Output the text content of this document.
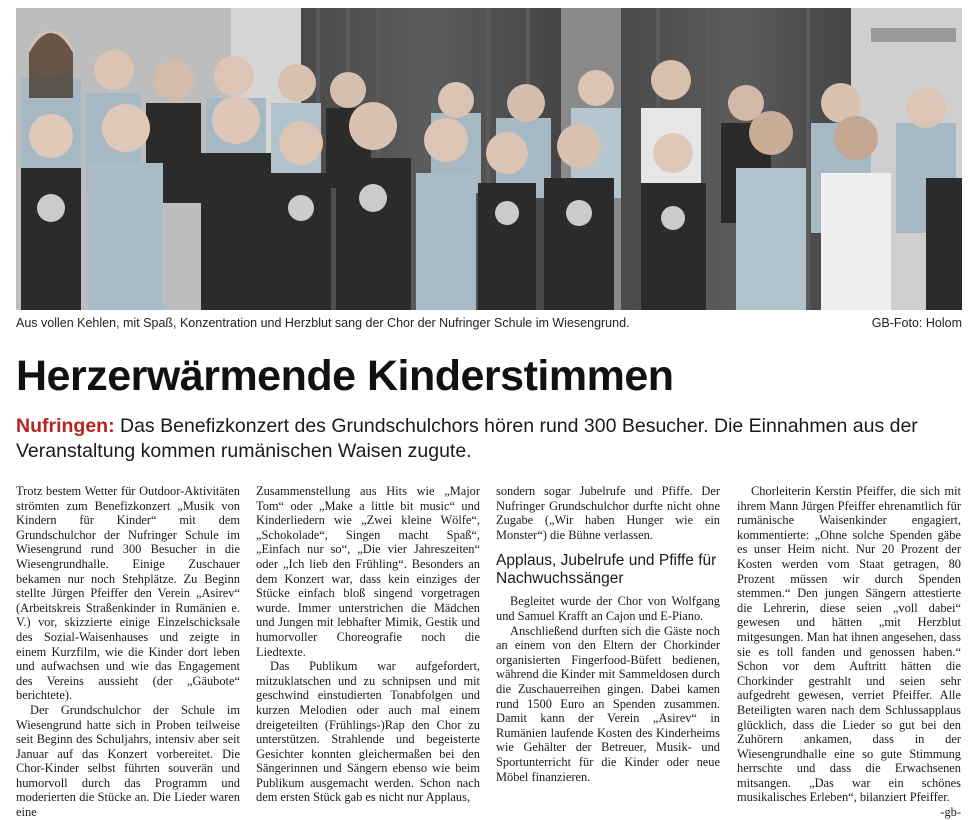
Aus vollen Kehlen, mit Spaß, Konzentration und Herzblut sang der Chor der Nufringer Schule im Wiesengrund.	GB-Foto: Holom
Herzerwärmende Kinderstimmen
Nufringen: Das Benefizkonzert des Grundschulchors hören rund 300 Besucher. Die Einnahmen aus der Veranstaltung kommen rumänischen Waisen zugute.

Trotz bestem Wetter für Outdoor-Aktivitäten strömten zum Benefizkonzert „Musik von Kindern für Kinder“ mit dem Grundschulchor der Nufringer Schule im Wiesengrund rund 300 Besucher in die Wiesengrundhalle. Einige Zuschauer bekamen nur noch Stehplätze. Zu Beginn stellte Jürgen Pfeiffer den Verein „Asirev“ (Arbeitskreis Straßenkinder in Rumänien e. V.) vor, skizzierte einige Einzelschicksale des Sozial-Waisenhauses und zeigte in einem Kurzfilm, wie die Kinder dort leben und aufwachsen und wie das Engagement des Vereins aussieht (der „Gäubote“ berichtete).

Der Grundschulchor der Schule im Wiesengrund hatte sich in Proben teilweise seit Beginn des Schuljahrs, intensiv aber seit Januar auf das Konzert vorbereitet. Die Chor-Kinder selbst führten souverän und humorvoll durch das Programm und moderierten die Stücke an. Die Lieder waren eine

Zusammenstellung aus Hits wie „Major Tom“ oder „Make a little bit music“ und Kinderliedern wie „Zwei kleine Wölfe“, „Schokolade“, Singen macht Spaß“, „Einfach nur so“, „Die vier Jahreszeiten“ oder „Ich lieb den Frühling“. Besonders an dem Konzert war, dass kein einziges der Stücke einfach bloß singend vorgetragen wurde. Immer unterstrichen die Mädchen und Jungen mit lebhafter Mimik, Gestik und humorvoller Choreografie noch die Liedtexte.

Das Publikum war aufgefordert, mitzuklatschen und zu schnipsen und mit geschwind einstudierten Tonabfolgen und kurzen Melodien oder auch mal einem dreigeteilten (Frühlings-)Rap den Chor zu unterstützen. Strahlende und begeisterte Gesichter konnten gleichermaßen bei den Sängerinnen und Sängern ebenso wie beim Publikum ausgemacht werden. Schon nach dem ersten Stück gab es nicht nur Applaus,

sondern sogar Jubelrufe und Pfiffe. Der Nufringer Grundschulchor durfte nicht ohne Zugabe („Wir haben Hunger wie ein Monster“) die Bühne verlassen.

Applaus, Jubelrufe und Pfiffe für Nachwuchssänger

Begleitet wurde der Chor von Wolfgang und Samuel Krafft an Cajon und E-Piano.

Anschließend durften sich die Gäste noch an einem von den Eltern der Chorkinder organisierten Fingerfood-Büfett bedienen, während die Kinder mit Sammeldosen durch die Zuschauerreihen gingen. Dabei kamen rund 1500 Euro an Spenden zusammen. Damit kann der Verein „Asirev“ in Rumänien laufende Kosten des Kinderheims wie Gehälter der Betreuer, Musik- und Sportunterricht für die Kinder oder neue Möbel finanzieren.

Chorleiterin Kerstin Pfeiffer, die sich mit ihrem Mann Jürgen Pfeiffer ehrenamtlich für rumänische Waisenkinder engagiert, kommentierte: „Ohne solche Spenden gäbe es unser Heim nicht. Nur 20 Prozent der Kosten werden vom Staat getragen, 80 Prozent müssen wir durch Spenden stemmen.“ Den jungen Sängern attestierte die Lehrerin, diese seien „voll dabei“ gewesen und hätten „mit Herzblut mitgesungen. Man hat ihnen angesehen, dass sie es toll fanden und genossen haben.“ Schon vor dem Auftritt hätten die Chorkinder gestrahlt und seien sehr aufgedreht gewesen, verriet Pfeiffer. Alle Beteiligten waren nach dem Schlussapplaus glücklich, dass die Lieder so gut bei den Zuhörern ankamen, dass in der Wiesengrundhalle eine so gute Stimmung herrschte und dass die Erwachsenen mitsangen. „Das war ein schönes musikalisches Erleben“, bilanziert Pfeiffer.

-gb-
